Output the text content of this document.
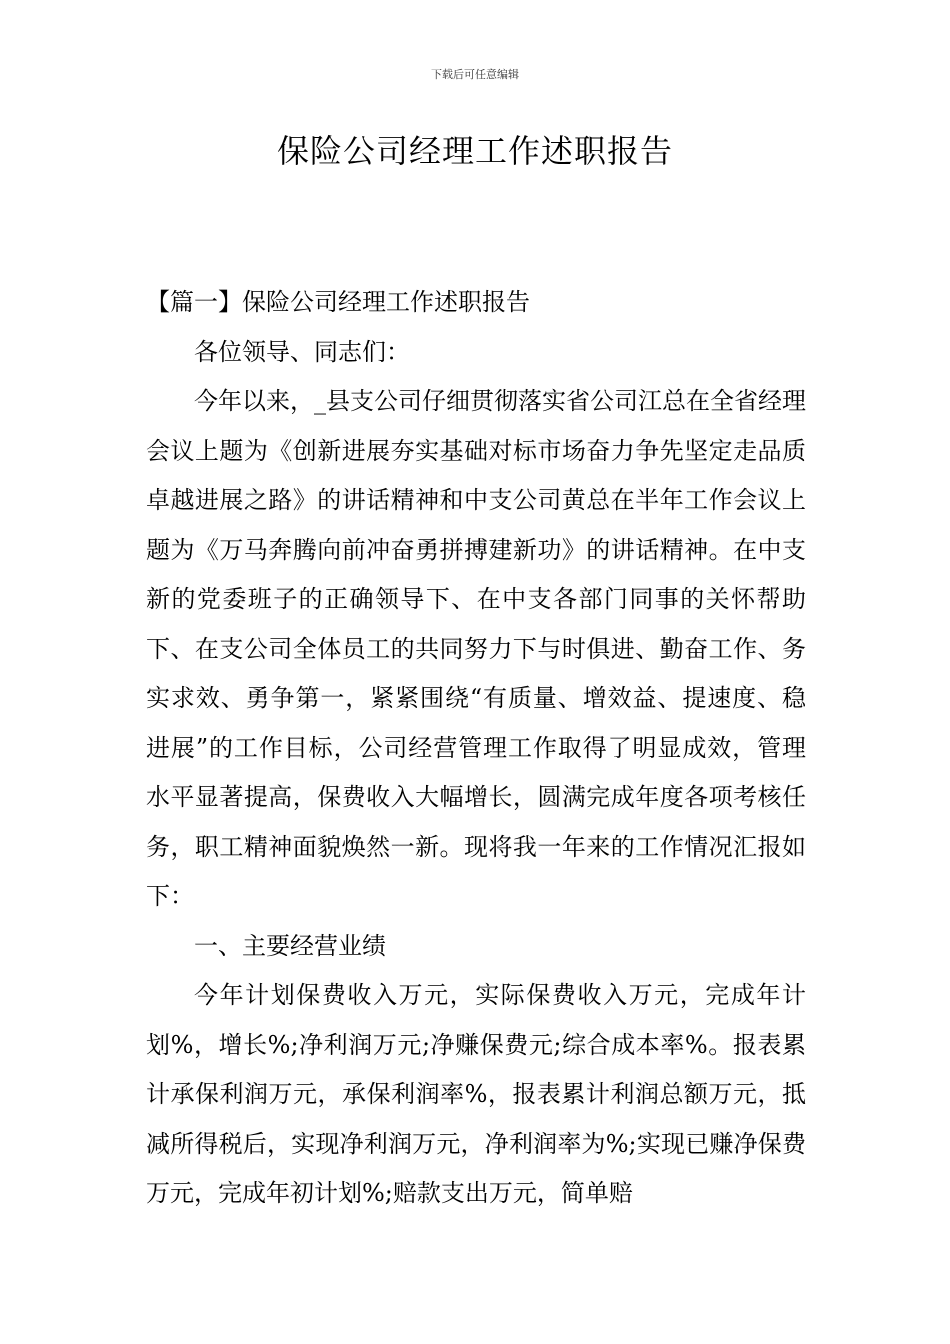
下载后可任意编辑
保险公司经理工作述职报告

【篇一】保险公司经理工作述职报告

各位领导、同志们：

今年以来，_县支公司仔细贯彻落实省公司江总在全省经理会议上题为《创新进展夯实基础对标市场奋力争先坚定走品质卓越进展之路》的讲话精神和中支公司黄总在半年工作会议上题为《万马奔腾向前冲奋勇拼搏建新功》的讲话精神。在中支新的党委班子的正确领导下、在中支各部门同事的关怀帮助下、在支公司全体员工的共同努力下与时俱进、勤奋工作、务实求效、勇争第一，紧紧围绕“有质量、增效益、提速度、稳进展”的工作目标，公司经营管理工作取得了明显成效，管理水平显著提高，保费收入大幅增长，圆满完成年度各项考核任务，职工精神面貌焕然一新。现将我一年来的工作情况汇报如下：

一、主要经营业绩

今年计划保费收入万元，实际保费收入万元，完成年计划%，增长%;净利润万元;净赚保费元;综合成本率%。报表累计承保利润万元，承保利润率%，报表累计利润总额万元，抵减所得税后，实现净利润万元，净利润率为%;实现已赚净保费万元，完成年初计划%;赔款支出万元，简单赔
